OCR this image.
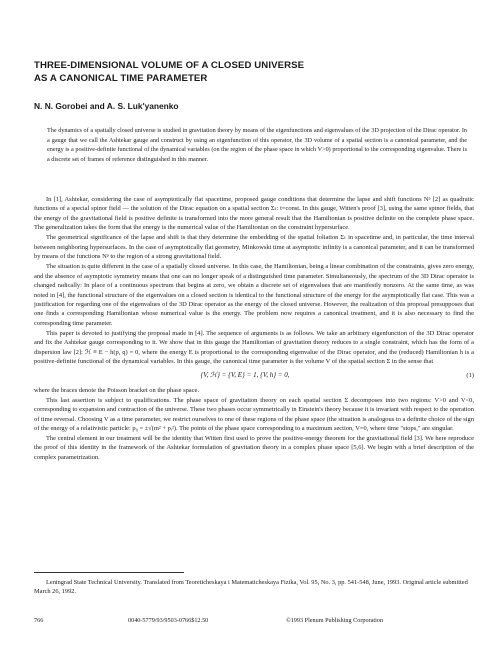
THREE-DIMENSIONAL VOLUME OF A CLOSED UNIVERSE
AS A CANONICAL TIME PARAMETER
N. N. Gorobei and A. S. Luk'yanenko

The dynamics of a spatially closed universe is studied in gravitation theory by means of the eigenfunctions and eigenvalues of the 3D projection of the Dirac operator. In a gauge that we call the Ashtekar gauge and construct by using an eigenfunction of this operator, the 3D volume of a spatial section is a canonical parameter, and the energy is a positive-definite functional of the dynamical variables (on the region of the phase space in which V>0) proportional to the corresponding eigenvalue. There is a discrete set of frames of reference distinguished in this manner.

In [1], Ashtekar, considering the case of asymptotically flat spacetime, proposed gauge conditions that determine the lapse and shift functions Nᵖ [2] as quadratic functions of a special spinor field — the solution of the Dirac equation on a spatial section Σₜ: t=const. In this gauge, Witten's proof [3], using the same spinor fields, that the energy of the gravitational field is positive definite is transformed into the more general result that the Hamiltonian is positive definite on the complete phase space. The generalization takes the form that the energy is the numerical value of the Hamiltonian on the constraint hypersurface.

The geometrical significance of the lapse and shift is that they determine the embedding of the spatial foliation Σₜ in spacetime and, in particular, the time interval between neighboring hypersurfaces. In the case of asymptotically flat geometry, Minkowski time at asymptotic infinity is a canonical parameter, and it can be transformed by means of the functions Nᵖ to the region of a strong gravitational field.

The situation is quite different in the case of a spatially closed universe. In this case, the Hamiltonian, being a linear combination of the constraints, gives zero energy, and the absence of asymptotic symmetry means that one can no longer speak of a distinguished time parameter. Simultaneously, the spectrum of the 3D Dirac operator is changed radically: In place of a continuous spectrum that begins at zero, we obtain a discrete set of eigenvalues that are manifestly nonzero. At the same time, as was noted in [4], the functional structure of the eigenvalues on a closed section is identical to the functional structure of the energy for the asymptotically flat case. This was a justification for regarding one of the eigenvalues of the 3D Dirac operator as the energy of the closed universe. However, the realization of this proposal presupposes that one finds a corresponding Hamiltonian whose numerical value is the energy. The problem now requires a canonical treatment, and it is also necessary to find the corresponding time parameter.

This paper is devoted to justifying the proposal made in [4]. The sequence of arguments is as follows. We take an arbitrary eigenfunction of the 3D Dirac operator and fix the Ashtekar gauge corresponding to it. We show that in this gauge the Hamiltonian of gravitation theory reduces to a single constraint, which has the form of a dispersion law [2]: ℋ ≡ E − h(p, q) = 0, where the energy E is proportional to the corresponding eigenvalue of the Dirac operator, and the (reduced) Hamiltonian h is a positive-definite functional of the dynamical variables. In this gauge, the canonical time parameter is the volume V of the spatial section Σ in the sense that

{V, ℋ} = {V, E} = 1, {V, h} = 0,	(1)

where the braces denote the Poisson bracket on the phase space.

This last assertion is subject to qualifications. The phase space of gravitation theory on each spatial section Σ decomposes into two regions: V>0 and V<0, corresponding to expansion and contraction of the universe. These two phases occur symmetrically in Einstein's theory because it is invariant with respect to the operation of time reversal. Choosing V as a time parameter, we restrict ourselves to one of these regions of the phase space (the situation is analogous to a definite choice of the sign of the energy of a relativistic particle: p₀ = ±√(m² + pᵢ²). The points of the phase space corresponding to a maximum section, V=0, where time "stops," are singular.

The central element in our treatment will be the identity that Witten first used to prove the positive-energy theorem for the gravitational field [3]. We here reproduce the proof of this identity in the framework of the Ashtekar formulation of gravitation theory in a complex phase space [5,6]. We begin with a brief description of the complex parametrization.

Leningrad State Technical University. Translated from Teoreticheskaya i Matematicheskaya Fizika, Vol. 95, No. 3, pp. 541-548, June, 1993. Original article submitted March 26, 1992.

766	0040-5779/93/9503-0766$12.50	©1993 Plenum Publishing Corporation
